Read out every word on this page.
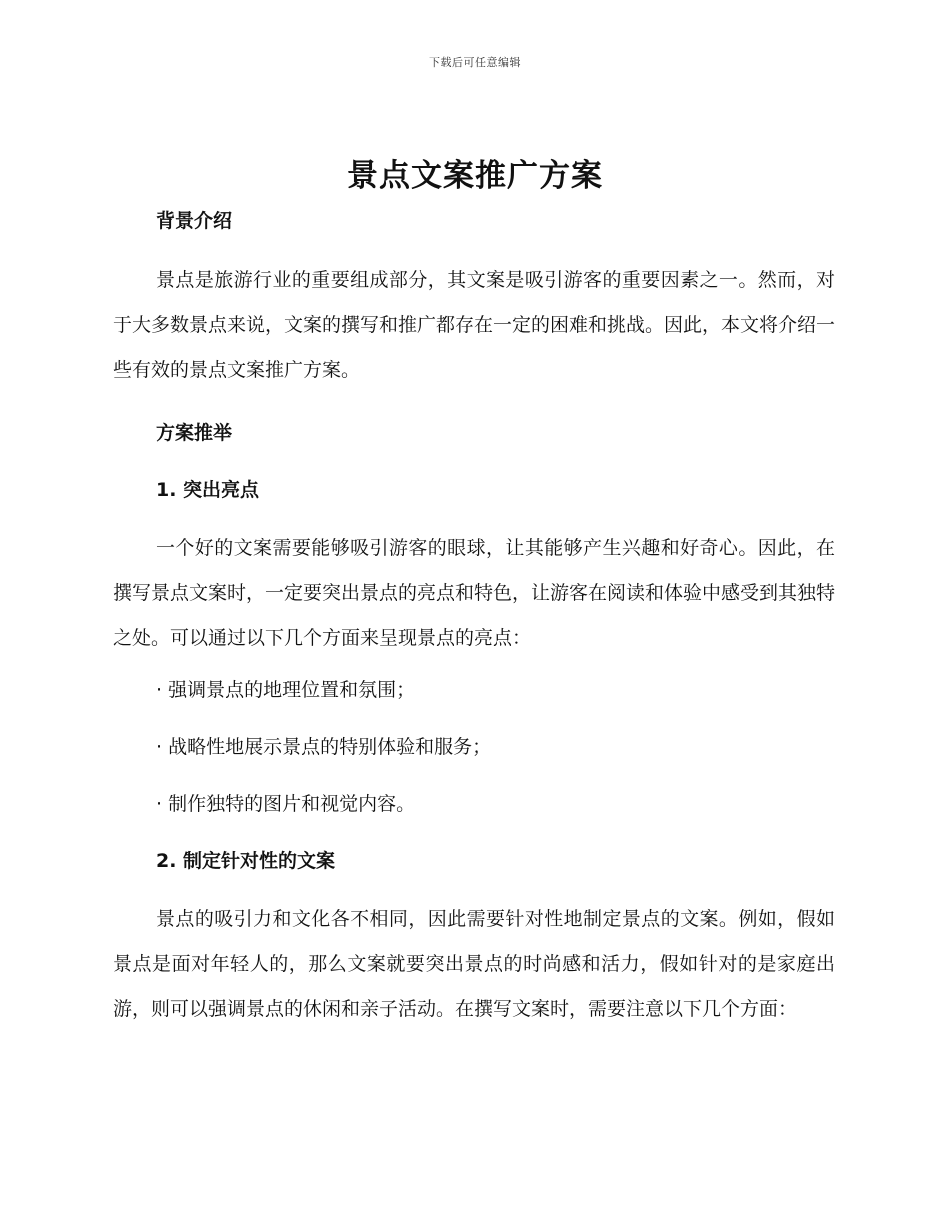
下载后可任意编辑
景点文案推广方案

背景介绍

景点是旅游行业的重要组成部分，其文案是吸引游客的重要因素之一。然而，对于大多数景点来说，文案的撰写和推广都存在一定的困难和挑战。因此，本文将介绍一些有效的景点文案推广方案。

方案推举

1. 突出亮点

一个好的文案需要能够吸引游客的眼球，让其能够产生兴趣和好奇心。因此，在撰写景点文案时，一定要突出景点的亮点和特色，让游客在阅读和体验中感受到其独特之处。可以通过以下几个方面来呈现景点的亮点：

· 强调景点的地理位置和氛围；

· 战略性地展示景点的特别体验和服务；

· 制作独特的图片和视觉内容。

2. 制定针对性的文案

景点的吸引力和文化各不相同，因此需要针对性地制定景点的文案。例如，假如景点是面对年轻人的，那么文案就要突出景点的时尚感和活力，假如针对的是家庭出游，则可以强调景点的休闲和亲子活动。在撰写文案时，需要注意以下几个方面：
